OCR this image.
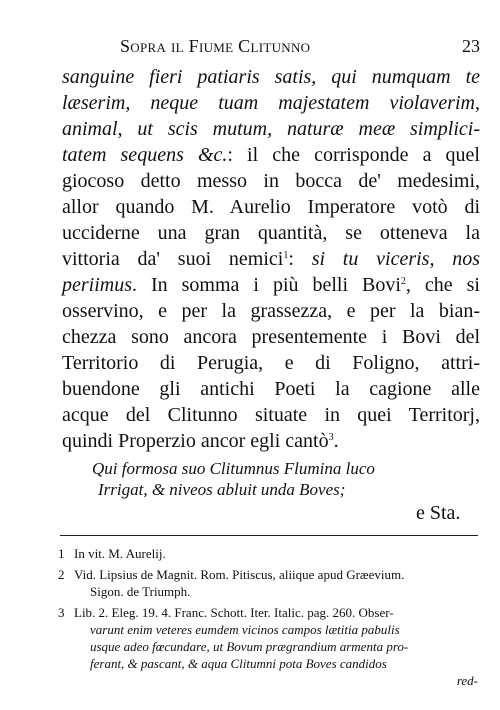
Sopra il Fiume Clitunno	23
sanguine fieri patiaris satis, qui numquam te
læserim, neque tuam majestatem violaverim,
animal, ut scis mutum, naturæ meæ simplici-
tatem sequens &c.: il che corrisponde a quel
giocoso detto messo in bocca de' medesimi,
allor quando M. Aurelio Imperatore votò di
ucciderne una gran quantità, se otteneva la
vittoria da' suoi nemici$^1$: si tu viceris, nos
periimus. In somma i più belli Bovi$^2$, che si
osservino, e per la grassezza, e per la bian-
chezza sono ancora presentemente i Bovi del
Territorio di Perugia, e di Foligno, attri-
buendone gli antichi Poeti la cagione alle
acque del Clitunno situate in quei Territorj,
quindi Properzio ancor egli cantò$^3$.
Qui formosa suo Clitumnus Flumina luco
Irrigat, & niveos abluit unda Boves;
e Sta.
1 In vit. M. Aurelij.
2 Vid. Lipsius de Magnit. Rom. Pitiscus, aliique apud Græevium.
Sigon. de Triumph.
3 Lib. 2. Eleg. 19. 4. Franc. Schott. Iter. Italic. pag. 260. Obser-
varunt enim veteres eumdem vicinos campos lætitia pabulis
usque adeo fœcundare, ut Bovum prægrandium armenta pro-
ferant, & pascant, & aqua Clitumni pota Boves candidos
red-
